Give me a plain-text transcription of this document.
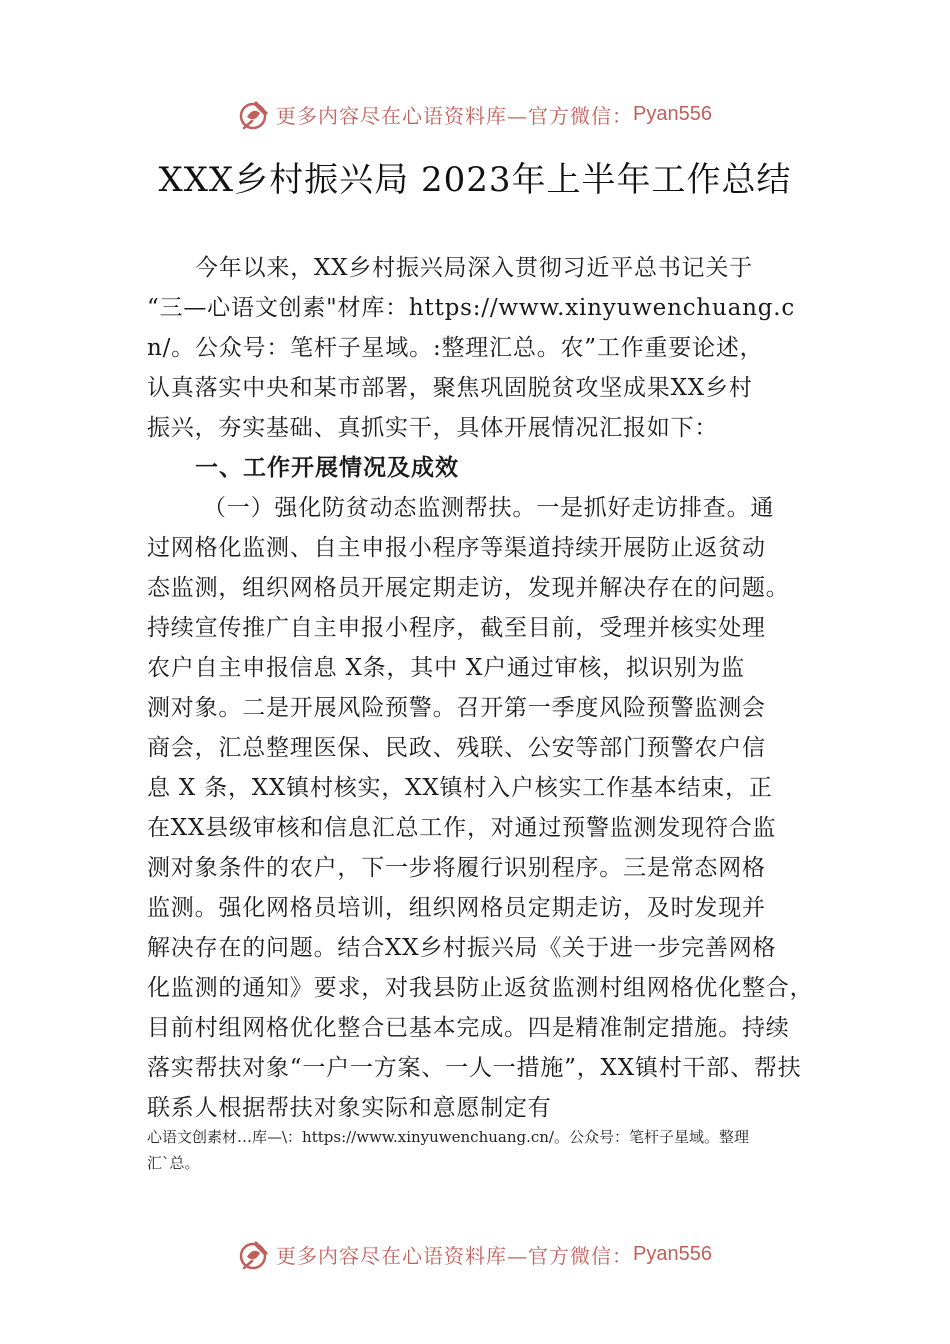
更多内容尽在心语资料库—官方微信： Pyan556
XXX乡村振兴局 2023年上半年工作总结
今年以来，XX乡村振兴局深入贯彻习近平总书记关于
“三—心语文创素"材库：https://www.xinyuwenchuang.c
n/。公众号：笔杆子星域。:整理汇总。农”工作重要论述，
认真落实中央和某市部署，聚焦巩固脱贫攻坚成果XX乡村
振兴，夯实基础、真抓实干，具体开展情况汇报如下：
一、工作开展情况及成效
（一）强化防贫动态监测帮扶。一是抓好走访排查。通
过网格化监测、自主申报小程序等渠道持续开展防止返贫动
态监测，组织网格员开展定期走访，发现并解决存在的问题。
持续宣传推广自主申报小程序，截至目前，受理并核实处理
农户自主申报信息 X条，其中 X户通过审核，拟识别为监
测对象。二是开展风险预警。召开第一季度风险预警监测会
商会，汇总整理医保、民政、残联、公安等部门预警农户信
息 X 条，XX镇村核实，XX镇村入户核实工作基本结束，正
在XX县级审核和信息汇总工作，对通过预警监测发现符合监
测对象条件的农户，下一步将履行识别程序。三是常态网格
监测。强化网格员培训，组织网格员定期走访，及时发现并
解决存在的问题。结合XX乡村振兴局《关于进一步完善网格
化监测的通知》要求，对我县防止返贫监测村组网格优化整合，
目前村组网格优化整合已基本完成。四是精准制定措施。持续
落实帮扶对象“一户一方案、一人一措施”，XX镇村干部、帮扶
联系人根据帮扶对象实际和意愿制定有
心语文创素材…库—\：https://www.xinyuwenchuang.cn/。公众号：笔杆子星域。整理
汇`总。
更多内容尽在心语资料库—官方微信： Pyan556
